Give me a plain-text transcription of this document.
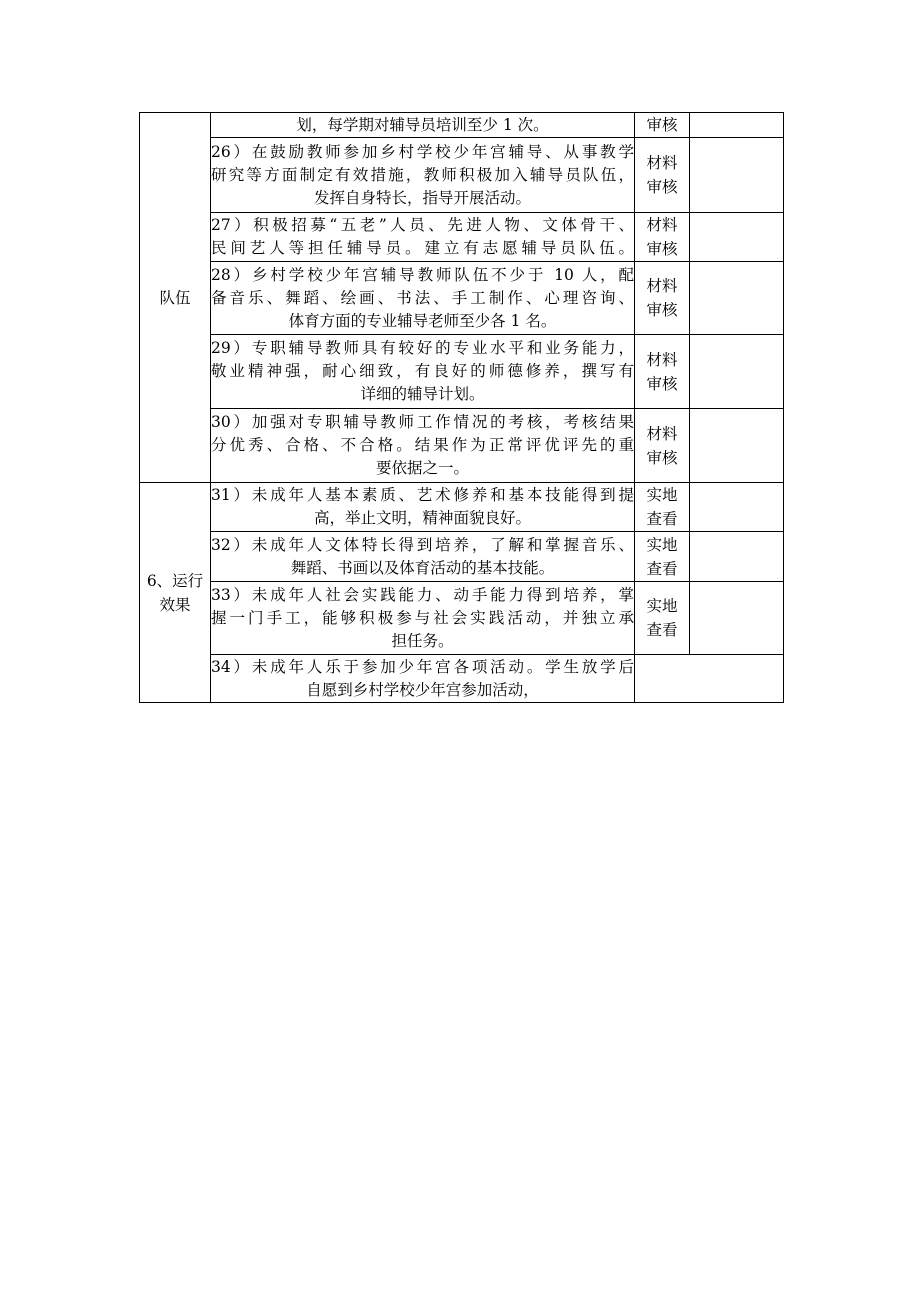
队伍	划，每学期对辅导员培训至少 1 次。	审核	

	26）在鼓励教师参加乡村学校少年宫辅导、从事教学
研究等方面制定有效措施，教师积极加入辅导员队伍，
发挥自身特长，指导开展活动。	材料
审核	

	27）积极招募“五老”人员、先进人物、文体骨干、
民间艺人等担任辅导员。建立有志愿辅导员队伍。	材料
审核	

	28）乡村学校少年宫辅导教师队伍不少于 10 人，配
备音乐、舞蹈、绘画、书法、手工制作、心理咨询、
体育方面的专业辅导老师至少各 1 名。	材料
审核	

	29）专职辅导教师具有较好的专业水平和业务能力，
敬业精神强，耐心细致，有良好的师德修养，撰写有
详细的辅导计划。	材料
审核	

	30）加强对专职辅导教师工作情况的考核，考核结果
分优秀、合格、不合格。结果作为正常评优评先的重
要依据之一。	材料
审核	

6、运行
效果	31）未成年人基本素质、艺术修养和基本技能得到提
高，举止文明，精神面貌良好。	实地
查看	

	32）未成年人文体特长得到培养，了解和掌握音乐、
舞蹈、书画以及体育活动的基本技能。	实地
查看	

	33）未成年人社会实践能力、动手能力得到培养，掌
握一门手工，能够积极参与社会实践活动，并独立承
担任务。	实地
查看	

	34）未成年人乐于参加少年宫各项活动。学生放学后
自愿到乡村学校少年宫参加活动，		
